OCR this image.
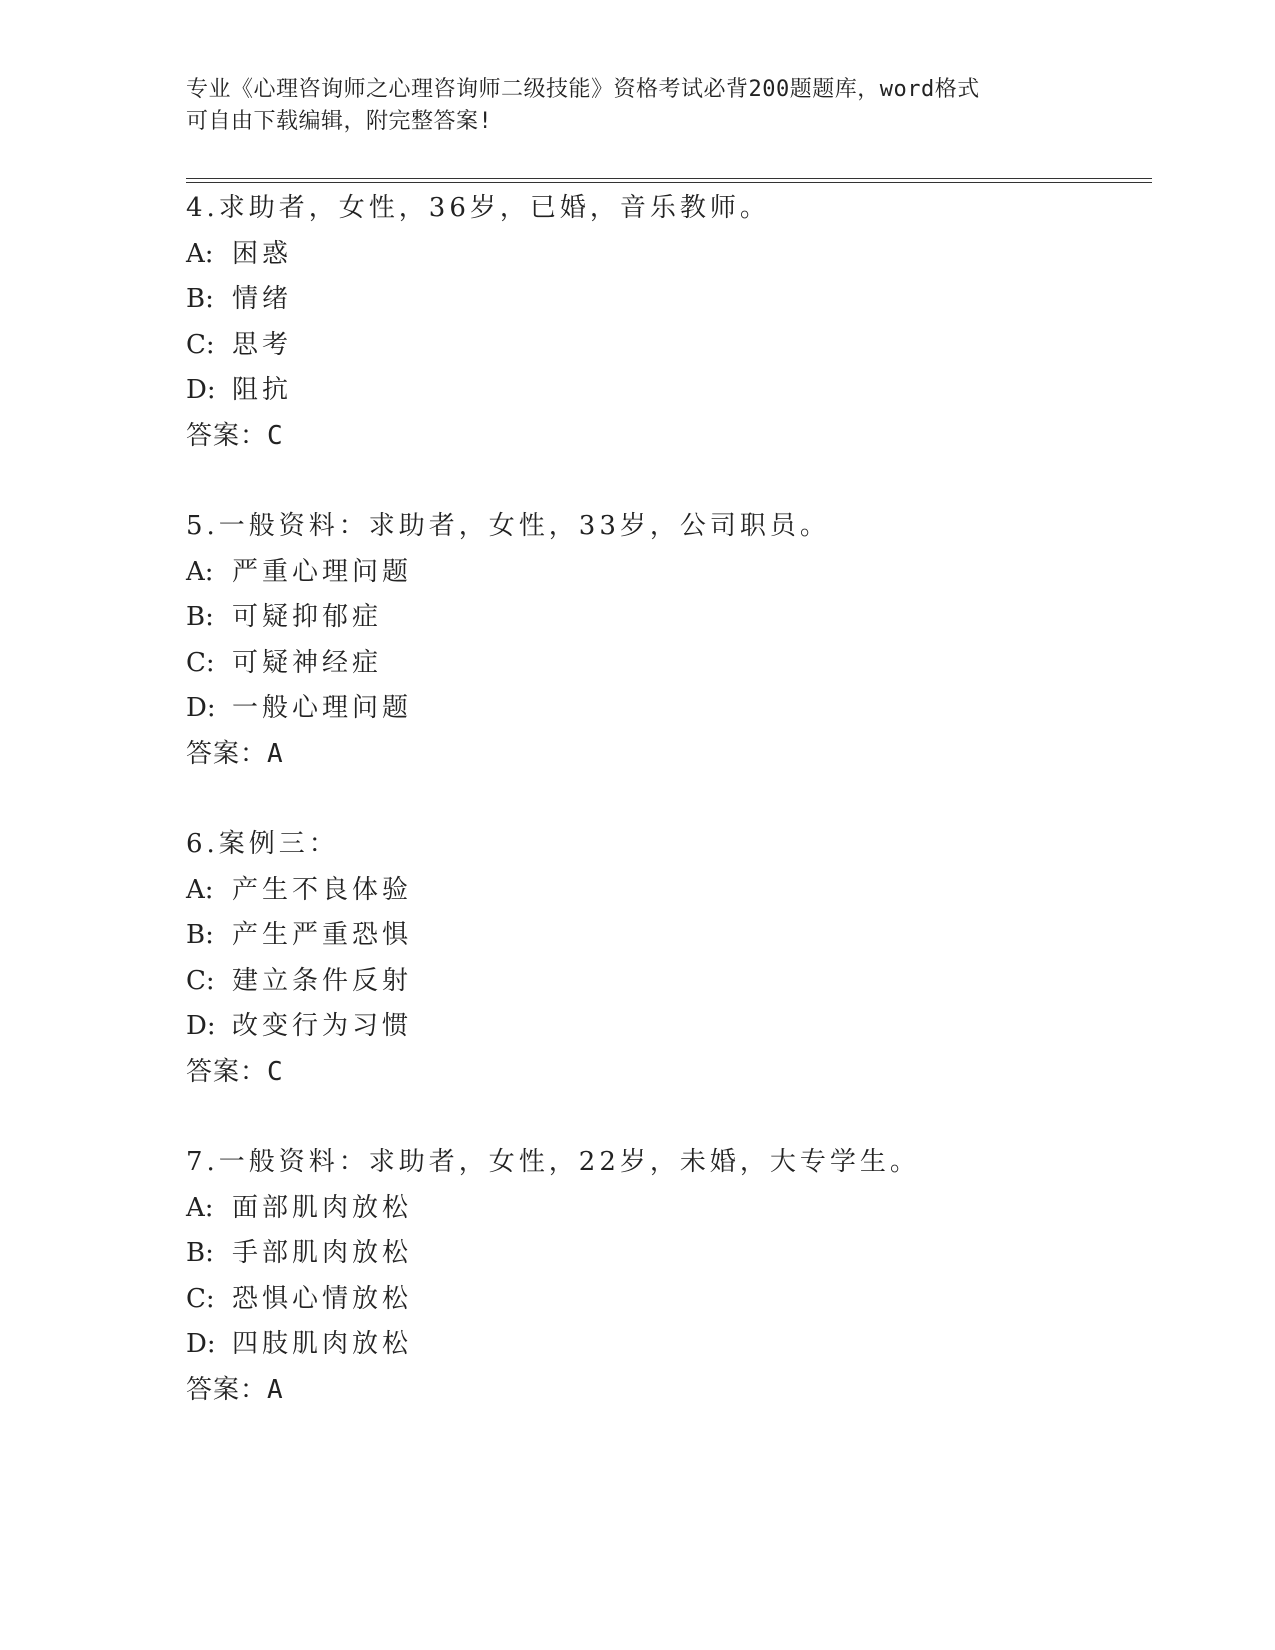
专业《心理咨询师之心理咨询师二级技能》资格考试必背200题题库，word格式
可自由下载编辑，附完整答案!
4.求助者，女性，36岁，已婚，音乐教师。
A: 困惑
B: 情绪
C: 思考
D: 阻抗
答案：C
5.一般资料：求助者，女性，33岁，公司职员。
A: 严重心理问题
B: 可疑抑郁症
C: 可疑神经症
D: 一般心理问题
答案：A
6.案例三：
A: 产生不良体验
B: 产生严重恐惧
C: 建立条件反射
D: 改变行为习惯
答案：C
7.一般资料：求助者，女性，22岁，未婚，大专学生。
A: 面部肌肉放松
B: 手部肌肉放松
C: 恐惧心情放松
D: 四肢肌肉放松
答案：A
